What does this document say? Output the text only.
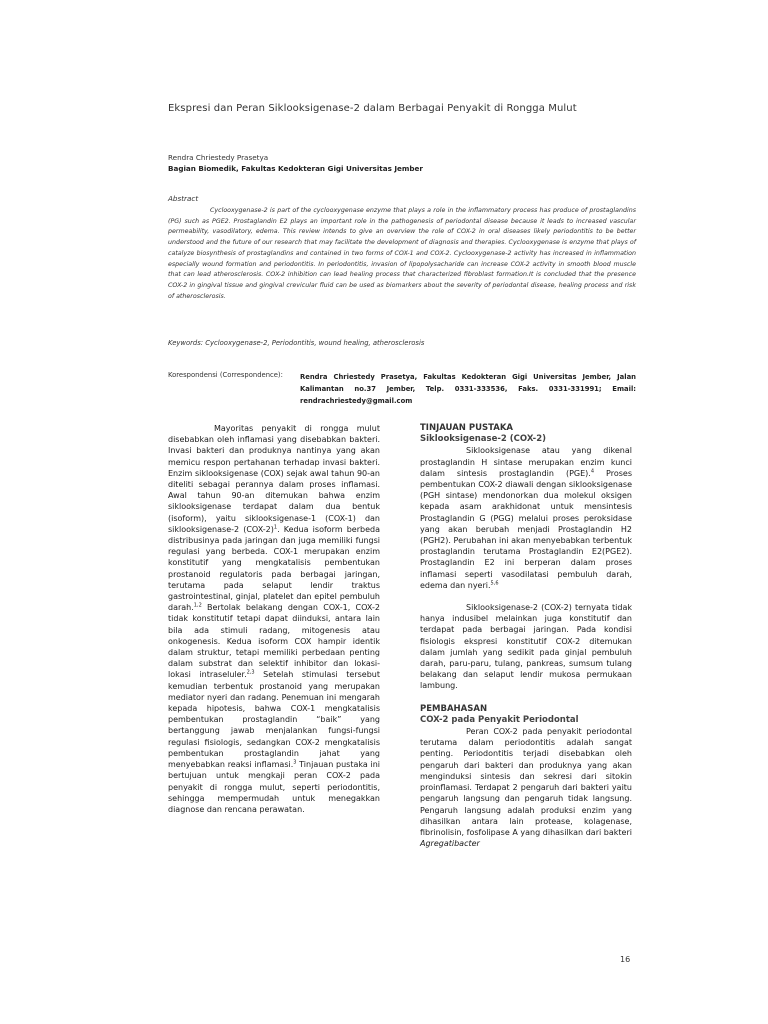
Ekspresi dan Peran Siklooksigenase-2 dalam Berbagai Penyakit di Rongga Mulut
Rendra Chriestedy Prasetya
Bagian Biomedik, Fakultas Kedokteran Gigi Universitas Jember
Abstract

Cyclooxygenase-2 is part of the cyclooxygenase enzyme that plays a role in the inflammatory process has produce of prostaglandins (PG) such as PGE2. Prostaglandin E2 plays an important role in the pathogenesis of periodontal disease because it leads to increased vascular permeability, vasodilatory, edema. This review intends to give an overview the role of COX-2 in oral diseases likely periodontitis to be better understood and the future of our research that may facilitate the development of diagnosis and therapies. Cyclooxygenase is enzyme that plays of catalyze biosynthesis of prostaglandins and contained in two forms of COX-1 and COX-2. Cyclooxygenase-2 activity has increased in inflammation especially wound formation and periodontitis. In periodontitis, invasion of lipopolysacharide can increase COX-2 activity in smooth blood muscle that can lead atherosclerosis. COX-2 inhibition can lead healing process that characterized fibroblast formation.It is concluded that the presence COX-2 in gingival tissue and gingival crevicular fluid can be used as biomarkers about the severity of periodontal disease, healing process and risk of atherosclerosis.

Keywords: Cyclooxygenase-2, Periodontitis, wound healing, atherosclerosis
Korespondensi (Correspondence):	Rendra Chriestedy Prasetya, Fakultas Kedokteran Gigi Universitas Jember, Jalan Kalimantan no.37 Jember, Telp. 0331-333536, Faks. 0331-331991; Email: rendrachriestedy@gmail.com

Mayoritas penyakit di rongga mulut disebabkan oleh inflamasi yang disebabkan bakteri. Invasi bakteri dan produknya nantinya yang akan memicu respon pertahanan terhadap invasi bakteri. Enzim siklooksigenase (COX) sejak awal tahun 90-an diteliti sebagai perannya dalam proses inflamasi. Awal tahun 90-an ditemukan bahwa enzim siklooksigenase terdapat dalam dua bentuk (isoform), yaitu siklooksigenase-1 (COX-1) dan siklooksigenase-2 $(COX-2)^1$. Kedua isoform berbeda distribusinya pada jaringan dan juga memiliki fungsi regulasi yang berbeda. COX-1 merupakan enzim konstitutif yang mengkatalisis pembentukan prostanoid regulatoris pada berbagai jaringan, terutama pada selaput lendir traktus gastrointestinal, ginjal, platelet dan epitel pembuluh darah.$^{1,2}$ Bertolak belakang dengan COX-1, COX-2 tidak konstitutif tetapi dapat diinduksi, antara lain bila ada stimuli radang, mitogenesis atau onkogenesis. Kedua isoform COX hampir identik dalam struktur, tetapi memiliki perbedaan penting dalam substrat dan selektif inhibitor dan lokasi-lokasi intraseluler.$^{2,3}$ Setelah stimulasi tersebut kemudian terbentuk prostanoid yang merupakan mediator nyeri dan radang. Penemuan ini mengarah kepada hipotesis, bahwa COX-1 mengkatalisis pembentukan prostaglandin “baik” yang bertanggung jawab menjalankan fungsi-fungsi regulasi fisiologis, sedangkan COX-2 mengkatalisis pembentukan prostaglandin jahat yang menyebabkan reaksi inflamasi.$^3$ Tinjauan pustaka ini bertujuan untuk mengkaji peran COX-2 pada penyakit di rongga mulut, seperti periodontitis, sehingga mempermudah untuk menegakkan diagnose dan rencana perawatan.

TINJAUAN PUSTAKA
Siklooksigenase-2 (COX-2)

Siklooksigenase atau yang dikenal prostaglandin H sintase merupakan enzim kunci dalam sintesis prostaglandin (PGE).$^4$ Proses pembentukan COX-2 diawali dengan siklooksigenase (PGH sintase) mendonorkan dua molekul oksigen kepada asam arakhidonat untuk mensintesis Prostaglandin G (PGG) melalui proses peroksidase yang akan berubah menjadi Prostaglandin H2 (PGH2). Perubahan ini akan menyebabkan terbentuk prostaglandin terutama Prostaglandin E2(PGE2). Prostaglandin E2 ini berperan dalam proses inflamasi seperti vasodilatasi pembuluh darah, edema dan nyeri.$^{5,6}$

Siklooksigenase-2 (COX-2) ternyata tidak hanya indusibel melainkan juga konstitutif dan terdapat pada berbagai jaringan. Pada kondisi fisiologis ekspresi konstitutif COX-2 ditemukan dalam jumlah yang sedikit pada ginjal pembuluh darah, paru-paru, tulang, pankreas, sumsum tulang belakang dan selaput lendir mukosa permukaan lambung.

PEMBAHASAN
COX-2 pada Penyakit Periodontal

Peran COX-2 pada penyakit periodontal terutama dalam periodontitis adalah sangat penting. Periodontitis terjadi disebabkan oleh pengaruh dari bakteri dan produknya yang akan menginduksi sintesis dan sekresi dari sitokin proinflamasi. Terdapat 2 pengaruh dari bakteri yaitu pengaruh langsung dan pengaruh tidak langsung. Pengaruh langsung adalah produksi enzim yang dihasilkan antara lain protease, kolagenase, fibrinolisin, fosfolipase A yang dihasilkan dari bakteri Agregatibacter

16
